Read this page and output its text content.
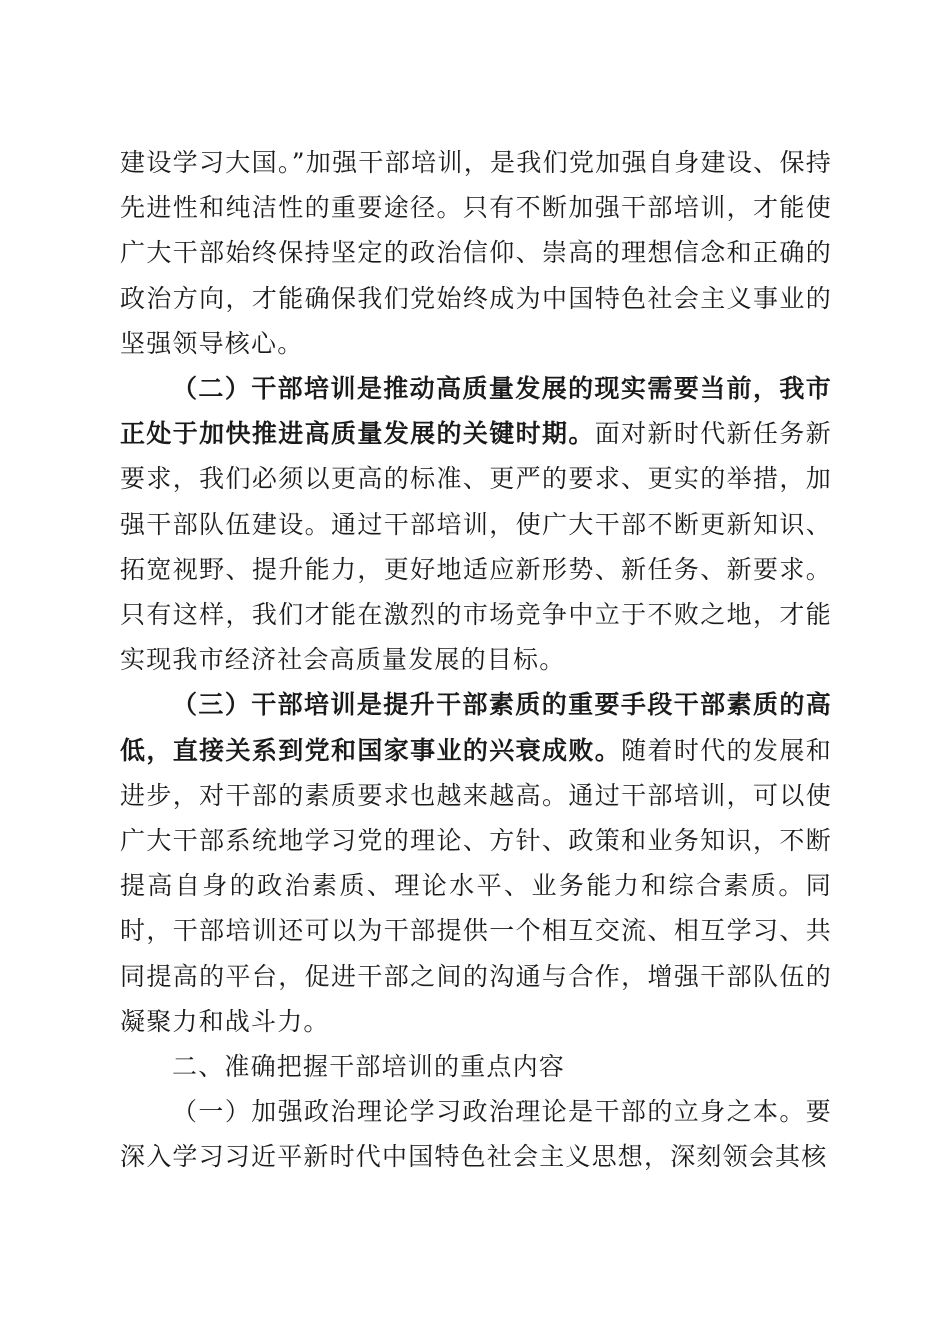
建设学习大国。”加强干部培训，是我们党加强自身建设、保持先进性和纯洁性的重要途径。只有不断加强干部培训，才能使广大干部始终保持坚定的政治信仰、崇高的理想信念和正确的政治方向，才能确保我们党始终成为中国特色社会主义事业的坚强领导核心。

（二）干部培训是推动高质量发展的现实需要当前，我市正处于加快推进高质量发展的关键时期。面对新时代新任务新要求，我们必须以更高的标准、更严的要求、更实的举措，加强干部队伍建设。通过干部培训，使广大干部不断更新知识、拓宽视野、提升能力，更好地适应新形势、新任务、新要求。只有这样，我们才能在激烈的市场竞争中立于不败之地，才能实现我市经济社会高质量发展的目标。

（三）干部培训是提升干部素质的重要手段干部素质的高低，直接关系到党和国家事业的兴衰成败。随着时代的发展和进步，对干部的素质要求也越来越高。通过干部培训，可以使广大干部系统地学习党的理论、方针、政策和业务知识，不断提高自身的政治素质、理论水平、业务能力和综合素质。同时，干部培训还可以为干部提供一个相互交流、相互学习、共同提高的平台，促进干部之间的沟通与合作，增强干部队伍的凝聚力和战斗力。

二、准确把握干部培训的重点内容

（一）加强政治理论学习政治理论是干部的立身之本。要深入学习习近平新时代中国特色社会主义思想，深刻领会其核
